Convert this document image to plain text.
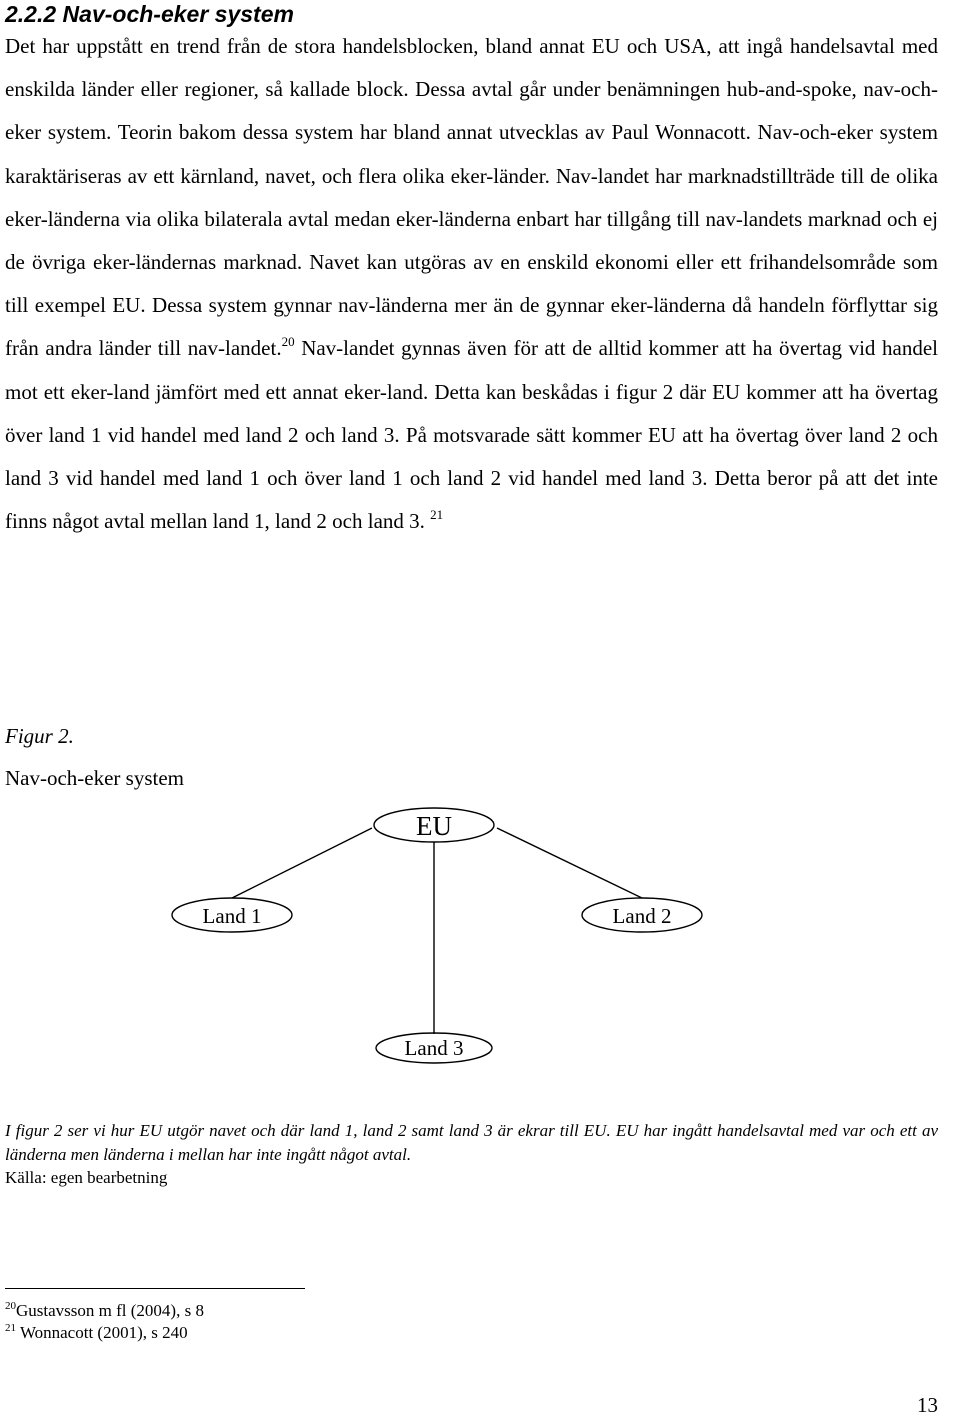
2.2.2 Nav-och-eker system

Det har uppstått en trend från de stora handelsblocken, bland annat EU och USA, att ingå handelsavtal med enskilda länder eller regioner, så kallade block. Dessa avtal går under benämningen hub-and-spoke, nav-och-eker system. Teorin bakom dessa system har bland annat utvecklas av Paul Wonnacott. Nav-och-eker system karaktäriseras av ett kärnland, navet, och flera olika eker-länder. Nav-landet har marknadstillträde till de olika eker-länderna via olika bilaterala avtal medan eker-länderna enbart har tillgång till nav-landets marknad och ej de övriga eker-ländernas marknad. Navet kan utgöras av en enskild ekonomi eller ett frihandelsområde som till exempel EU. Dessa system gynnar nav-länderna mer än de gynnar eker-länderna då handeln förflyttar sig från andra länder till nav-landet.$^{20}$ Nav-landet gynnas även för att de alltid kommer att ha övertag vid handel mot ett eker-land jämfört med ett annat eker-land. Detta kan beskådas i figur 2 där EU kommer att ha övertag över land 1 vid handel med land 2 och land 3. På motsvarade sätt kommer EU att ha övertag över land 2 och land 3 vid handel med land 1 och över land 1 och land 2 vid handel med land 3. Detta beror på att det inte finns något avtal mellan land 1, land 2 och land 3. $^{21}$

Figur 2.

Nav-och-eker system

EU
Land 1	Land 2
Land 3

I figur 2 ser vi hur EU utgör navet och där land 1, land 2 samt land 3 är ekrar till EU. EU har ingått handelsavtal med var och ett av länderna men länderna i mellan har inte ingått något avtal.

Källa: egen bearbetning

$^{20}$Gustavsson m fl (2004), s 8

$^{21}$ Wonnacott (2001), s 240

13
